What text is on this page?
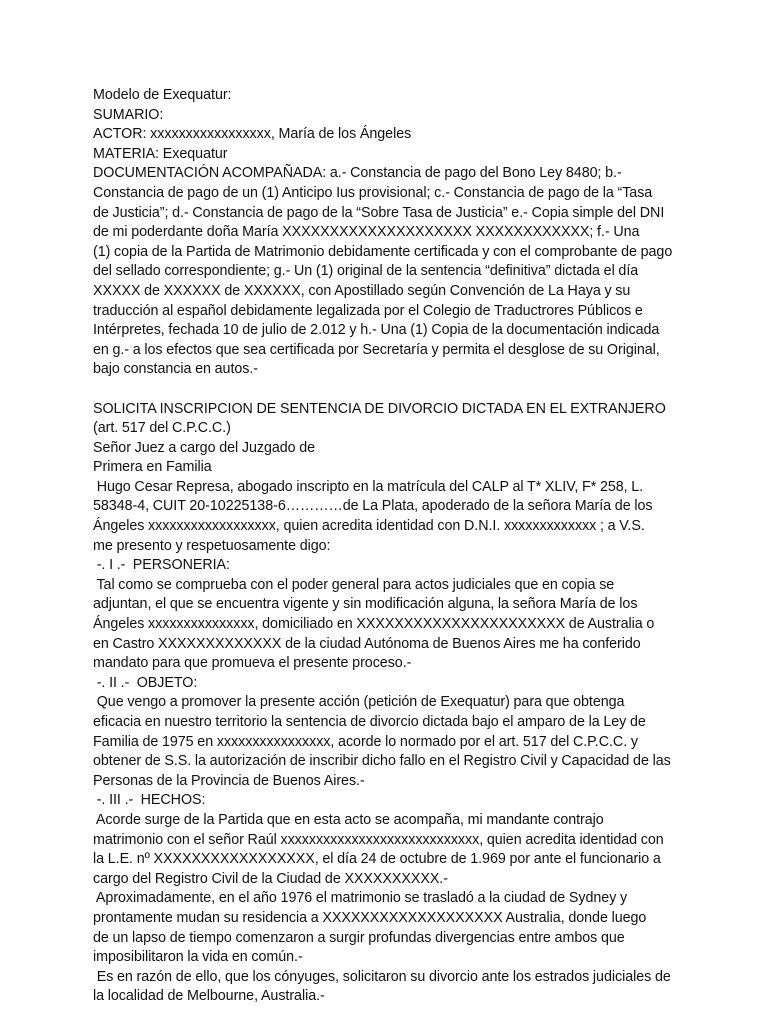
Modelo de Exequatur:
SUMARIO:
ACTOR: xxxxxxxxxxxxxxxxx, María de los Ángeles
MATERIA: Exequatur
DOCUMENTACIÓN ACOMPAÑADA: a.- Constancia de pago del Bono Ley 8480; b.-
Constancia de pago de un (1) Anticipo Ius provisional; c.- Constancia de pago de la “Tasa
de Justicia”; d.- Constancia de pago de la “Sobre Tasa de Justicia” e.- Copia simple del DNI
de mi poderdante doña María XXXXXXXXXXXXXXXXXXXX XXXXXXXXXXXX; f.- Una
(1) copia de la Partida de Matrimonio debidamente certificada y con el comprobante de pago
del sellado correspondiente; g.- Un (1) original de la sentencia “definitiva” dictada el día
XXXXX de XXXXXX de XXXXXX, con Apostillado según Convención de La Haya y su
traducción al español debidamente legalizada por el Colegio de Traductrores Públicos e
Intérpretes, fechada 10 de julio de 2.012 y h.- Una (1) Copia de la documentación indicada
en g.- a los efectos que sea certificada por Secretaría y permita el desglose de su Original,
bajo constancia en autos.-
SOLICITA INSCRIPCION DE SENTENCIA DE DIVORCIO DICTADA EN EL EXTRANJERO
(art. 517 del C.P.C.C.)
Señor Juez a cargo del Juzgado de
Primera en Familia
Hugo Cesar Represa, abogado inscripto en la matrícula del CALP al T* XLIV, F* 258, L.
58348-4, CUIT 20-10225138-6…………de La Plata, apoderado de la señora María de los
Ángeles xxxxxxxxxxxxxxxxxx, quien acredita identidad con D.N.I. xxxxxxxxxxxxx ; a V.S.
me presento y respetuosamente digo:
-. I .-  PERSONERIA:
Tal como se comprueba con el poder general para actos judiciales que en copia se
adjuntan, el que se encuentra vigente y sin modificación alguna, la señora María de los
Ángeles xxxxxxxxxxxxxxx, domiciliado en XXXXXXXXXXXXXXXXXXXXXX de Australia o
en Castro XXXXXXXXXXXXX de la ciudad Autónoma de Buenos Aires me ha conferido
mandato para que promueva el presente proceso.-
-. II .-  OBJETO:
Que vengo a promover la presente acción (petición de Exequatur) para que obtenga
eficacia en nuestro territorio la sentencia de divorcio dictada bajo el amparo de la Ley de
Familia de 1975 en xxxxxxxxxxxxxxxx, acorde lo normado por el art. 517 del C.P.C.C. y
obtener de S.S. la autorización de inscribir dicho fallo en el Registro Civil y Capacidad de las
Personas de la Provincia de Buenos Aires.-
-. III .-  HECHOS:
Acorde surge de la Partida que en esta acto se acompaña, mi mandante contrajo
matrimonio con el señor Raúl xxxxxxxxxxxxxxxxxxxxxxxxxxxx, quien acredita identidad con
la L.E. nº XXXXXXXXXXXXXXXXX, el día 24 de octubre de 1.969 por ante el funcionario a
cargo del Registro Civil de la Ciudad de XXXXXXXXXX.-
Aproximadamente, en el año 1976 el matrimonio se trasladó a la ciudad de Sydney y
prontamente mudan su residencia a XXXXXXXXXXXXXXXXXXX Australia, donde luego
de un lapso de tiempo comenzaron a surgir profundas divergencias entre ambos que
imposibilitaron la vida en común.-
Es en razón de ello, que los cónyuges, solicitaron su divorcio ante los estrados judiciales de
la localidad de Melbourne, Australia.-
